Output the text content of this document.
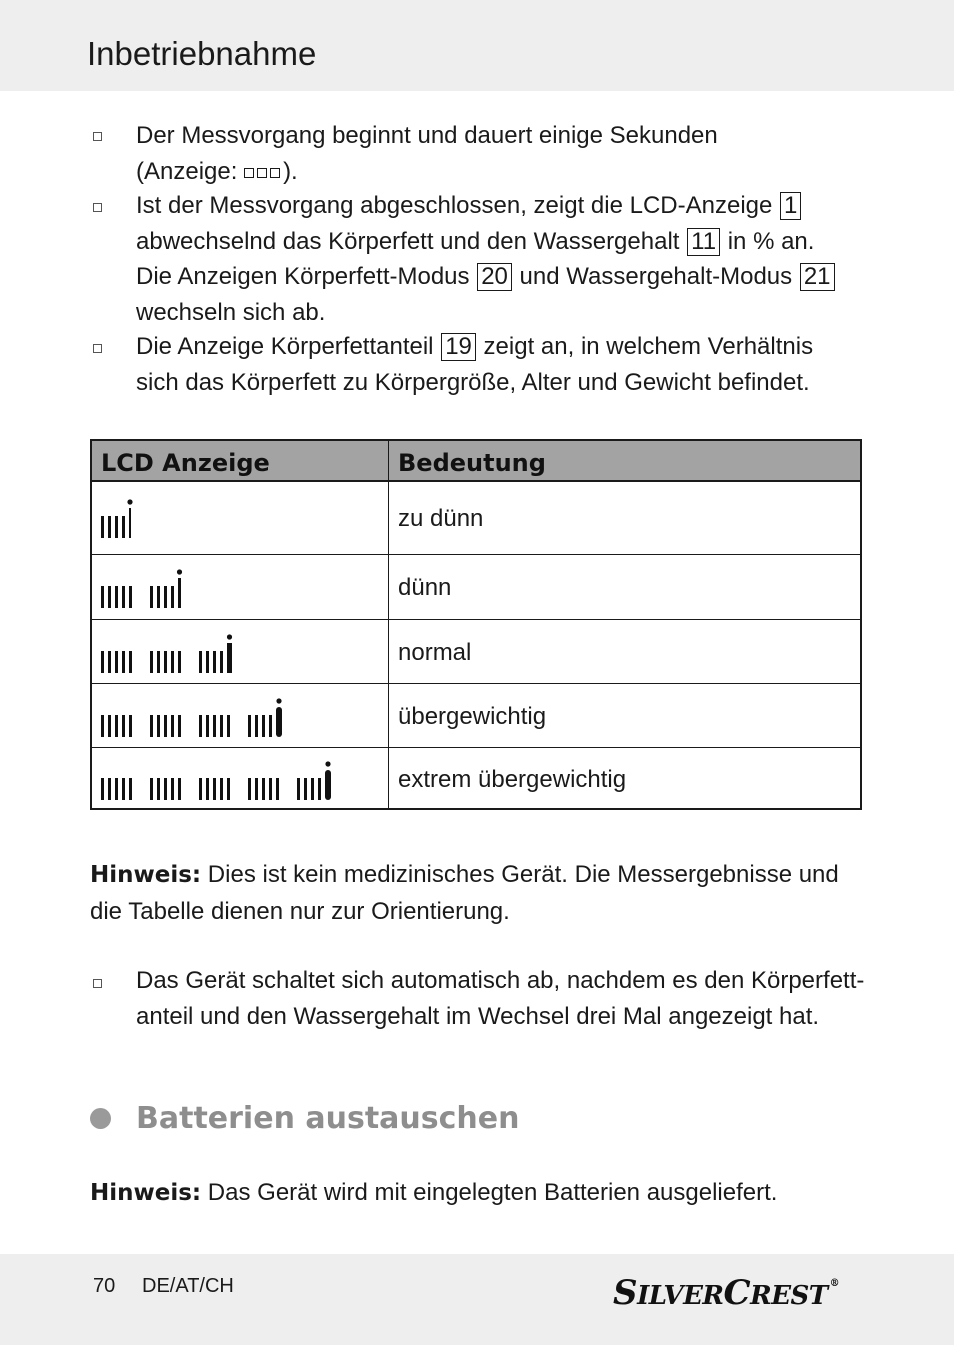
Inbetriebnahme
Der Messvorgang beginnt und dauert einige Sekunden
(Anzeige: ).
Ist der Messvorgang abgeschlossen, zeigt die LCD-Anzeige 1
abwechselnd das Körperfett und den Wassergehalt 11 in % an.
Die Anzeigen Körperfett-Modus 20 und Wassergehalt-Modus 21
wechseln sich ab.
Die Anzeige Körperfettanteil 19 zeigt an, in welchem Verhältnis
sich das Körperfett zu Körpergröße, Alter und Gewicht befindet.
LCD Anzeige	Bedeutung
zu dünn
dünn
normal
übergewichtig
extrem übergewichtig
Hinweis: Dies ist kein medizinisches Gerät. Die Messergebnisse und
die Tabelle dienen nur zur Orientierung.
Das Gerät schaltet sich automatisch ab, nachdem es den Körperfett-
anteil und den Wassergehalt im Wechsel drei Mal angezeigt hat.
Batterien austauschen
Hinweis: Das Gerät wird mit eingelegten Batterien ausgeliefert.
70 DE/AT/CH	SILVERCREST ®
